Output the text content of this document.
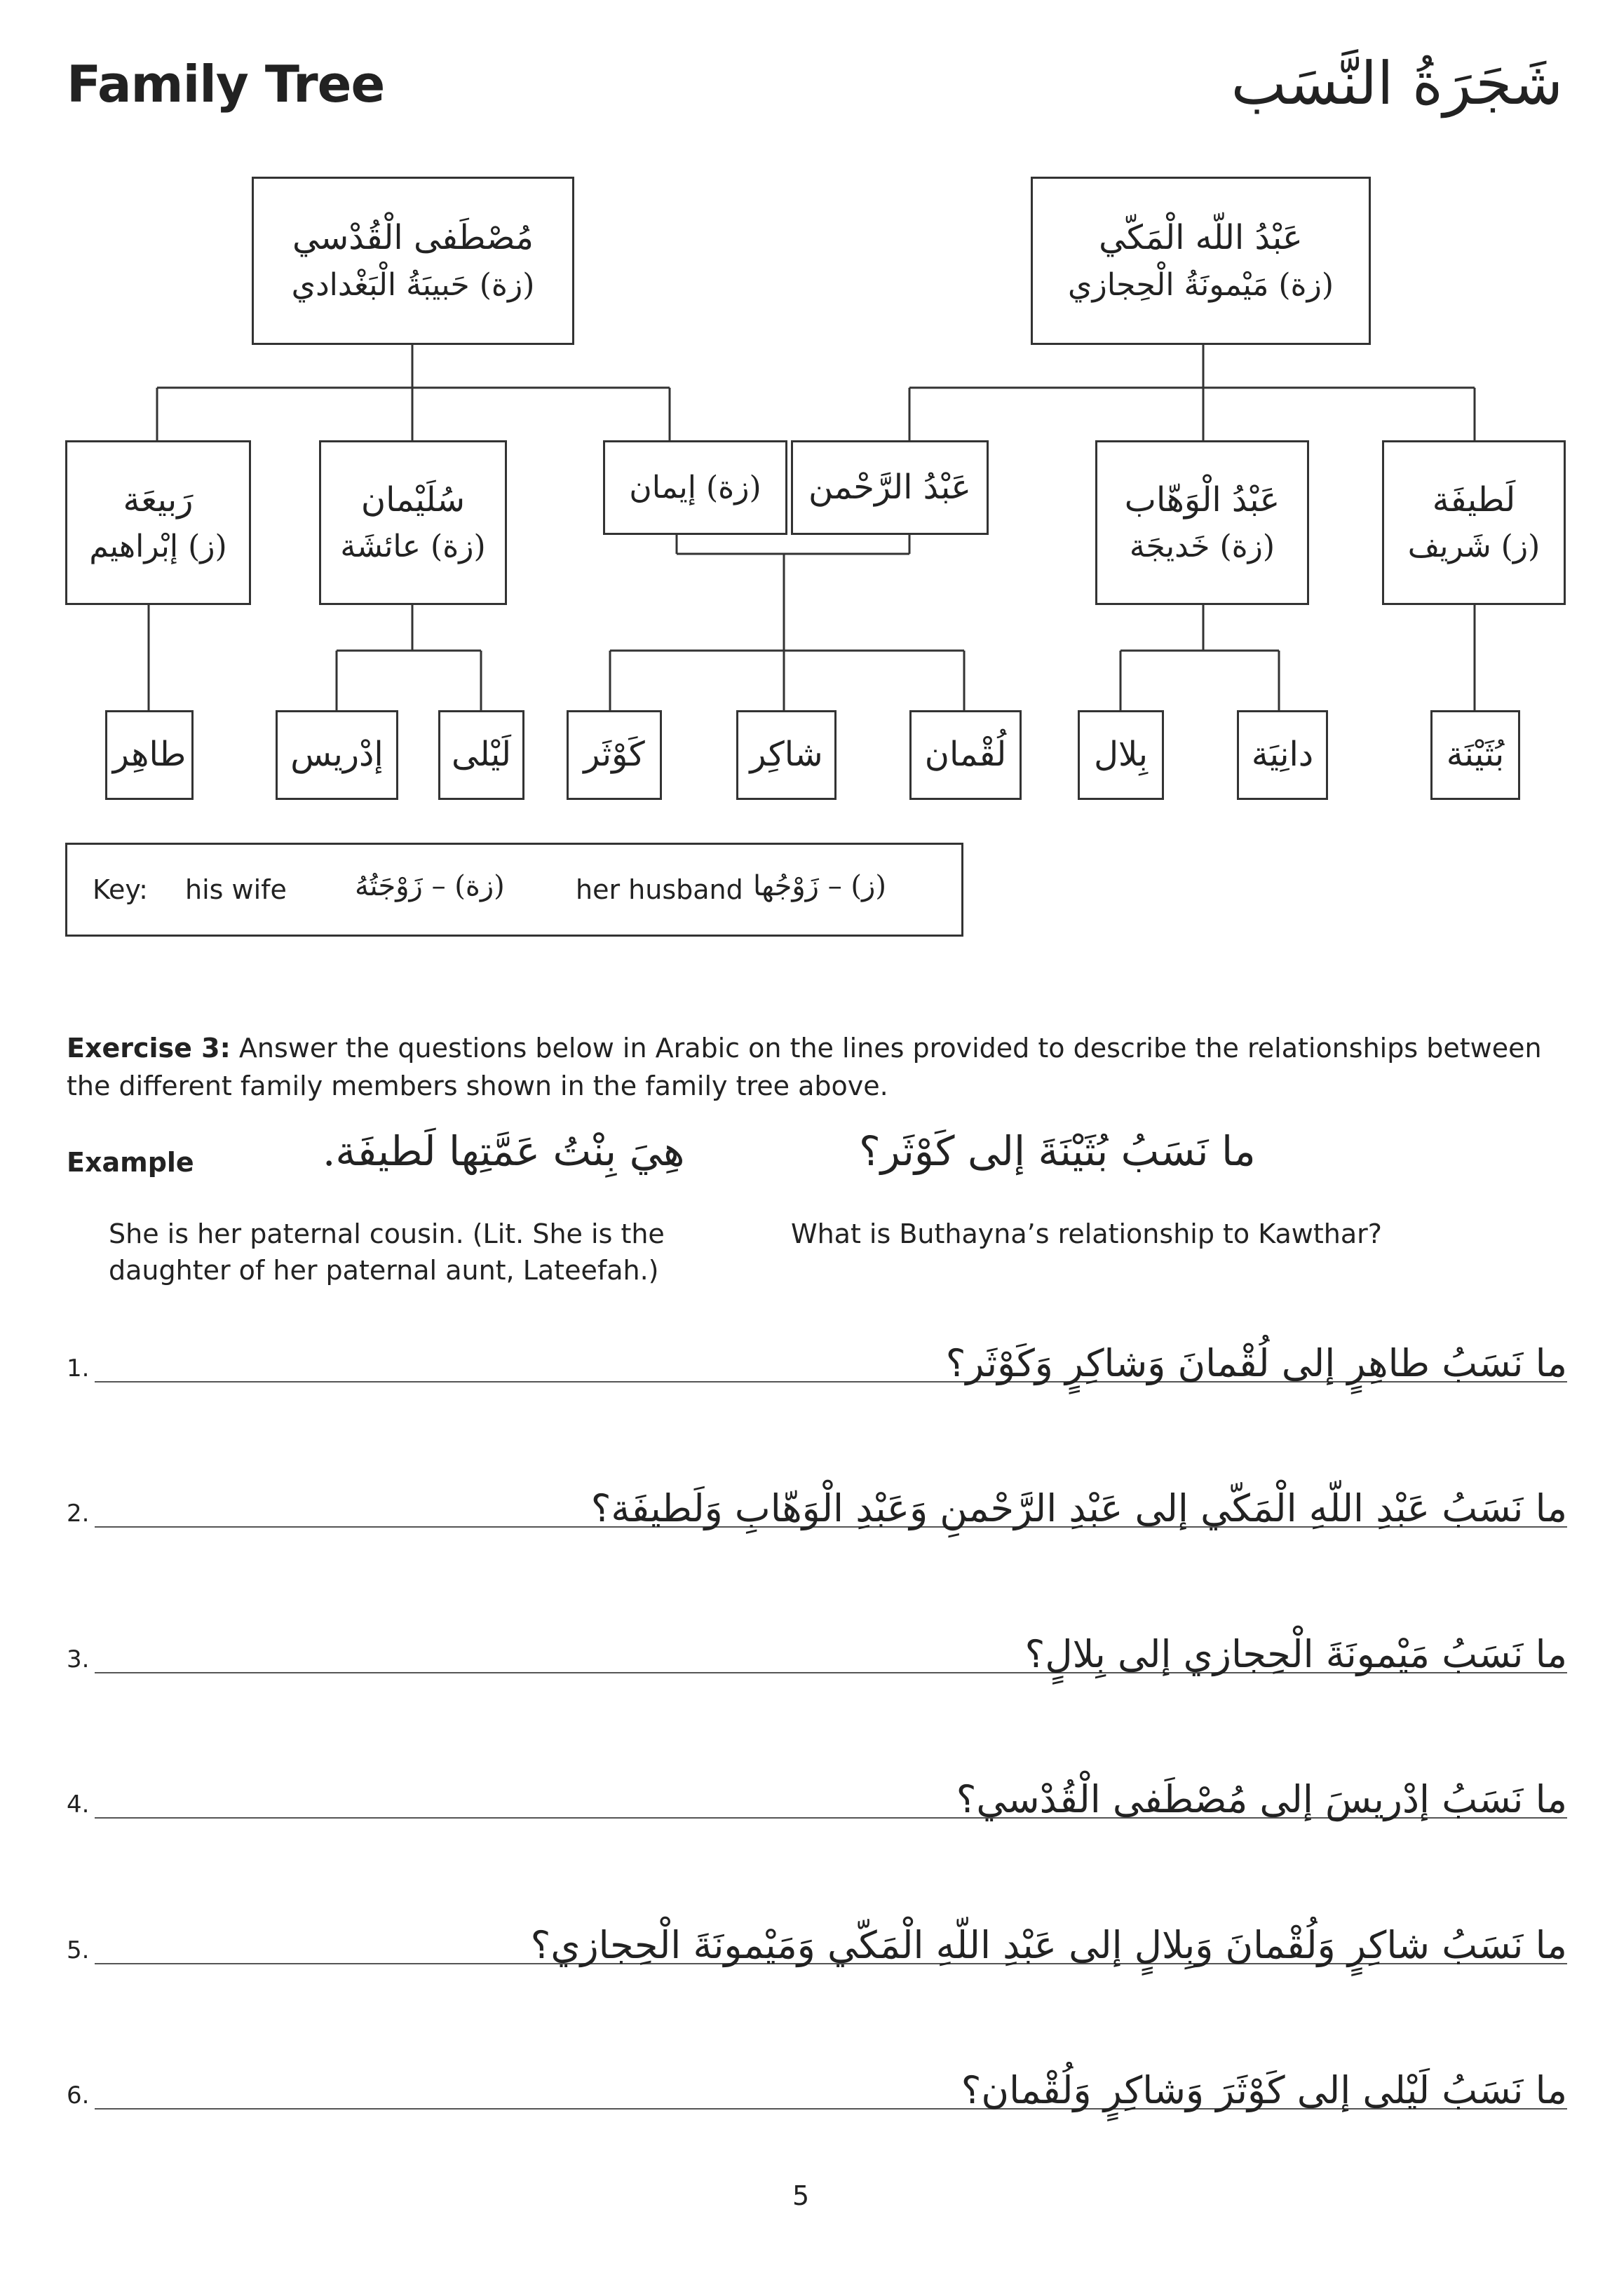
Family Tree	شَجَرَةُ النَّسَب
مُصْطَفى الْقُدْسي
(زة) حَبيبَةُ الْبَغْدادي
عَبْدُ اللّه الْمَكّي
(زة) مَيْمونَةُ الْحِجازي
رَبيعَة
(ز) إبْراهيم
سُلَيْمان
(زة) عائشَة
(زة) إيمان عَبْدُ الرَّحْمن	عَبْدُ الْوَهّاب
(زة) خَديجَة
لَطيفَة
(ز) شَريف
طاهِر	إدْريس لَيْلى كَوْثَر	شاكِر	لُقْمان	بِلال	دانِيَة	بُثَيْنَة
Key: his wife (زة) – زَوْجَتُهُ	her husband (ز) – زَوْجُها
Exercise 3: Answer the questions below in Arabic on the lines provided to describe the relationships between the different family members shown in the family tree above.
Example	هِيَ بِنْتُ عَمَّتِها لَطيفَة.	ما نَسَبُ بُثَيْنَةَ إلى كَوْثَر؟
She is her paternal cousin. (Lit. She is the daughter of her paternal aunt, Lateefah.)
What is Buthayna’s relationship to Kawthar?
1.	ما نَسَبُ طاهِرٍ إلى لُقْمانَ وَشاكِرٍ وَكَوْثَر؟
2.	ما نَسَبُ عَبْدِ اللّهِ الْمَكّي إلى عَبْدِ الرَّحْمنِ وَعَبْدِ الْوَهّابِ وَلَطيفَة؟
3.	ما نَسَبُ مَيْمونَةَ الْحِجازي إلى بِلالٍ؟
4.	ما نَسَبُ إدْريسَ إلى مُصْطَفى الْقُدْسي؟
5.	ما نَسَبُ شاكِرٍ وَلُقْمانَ وَبِلالٍ إلى عَبْدِ اللّهِ الْمَكّي وَمَيْمونَةَ الْحِجازي؟
6.	ما نَسَبُ لَيْلى إلى كَوْثَرَ وَشاكِرٍ وَلُقْمان؟
5
